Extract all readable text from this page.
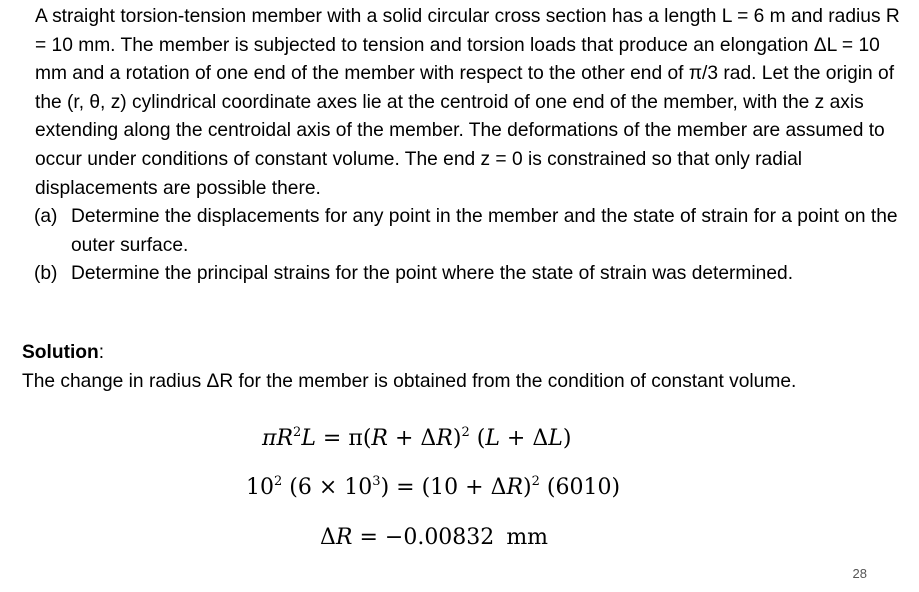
A straight torsion-tension member with a solid circular cross section has a length L = 6 m and radius R = 10 mm. The member is subjected to tension and torsion loads that produce an elongation ΔL = 10 mm and a rotation of one end of the member with respect to the other end of π/3 rad. Let the origin of the (r, θ, z) cylindrical coordinate axes lie at the centroid of one end of the member, with the z axis extending along the centroidal axis of the member. The deformations of the member are assumed to occur under conditions of constant volume. The end z = 0 is constrained so that only radial displacements are possible there.

(a) Determine the displacements for any point in the member and the state of strain for a point on the outer surface.
(b) Determine the principal strains for the point where the state of strain was determined.
Solution:
The change in radius ΔR for the member is obtained from the condition of constant volume.
$\pi R^2L = \pi(R + \Delta R)^2$ (L + ΔL)
$10^2$ $(6 \times 10^3) = (10 + \Delta R)^2$ (6010)
ΔR = −0.00832 mm
28
